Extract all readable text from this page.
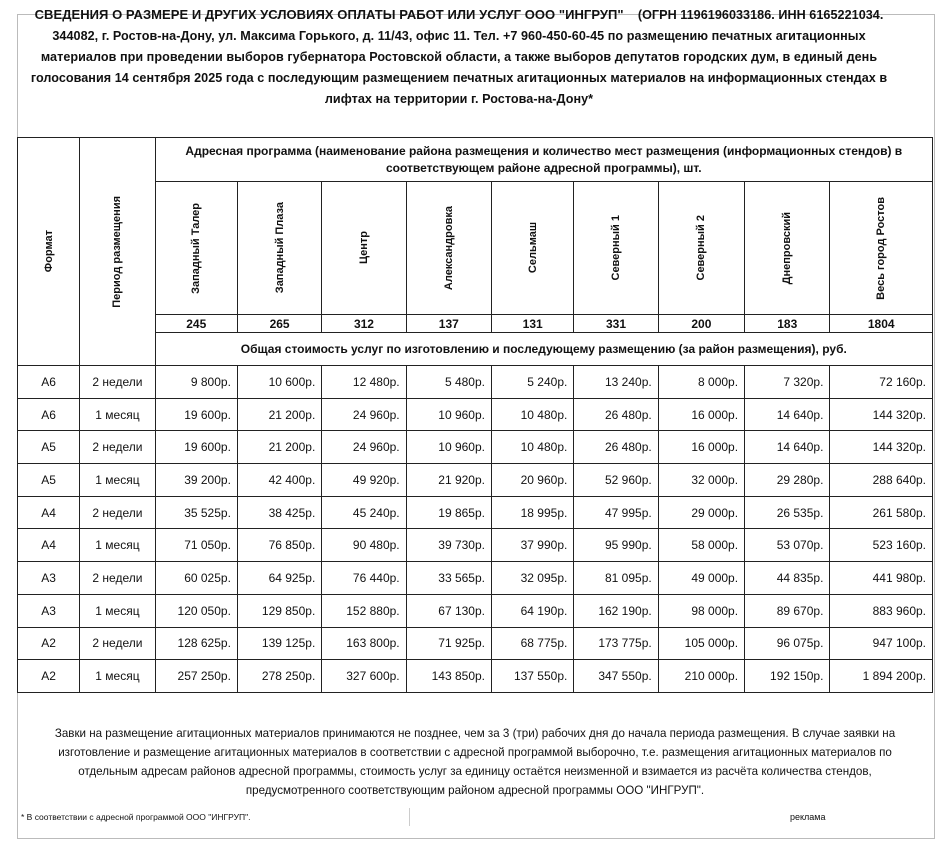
СВЕДЕНИЯ О РАЗМЕРЕ И ДРУГИХ УСЛОВИЯХ ОПЛАТЫ РАБОТ ИЛИ УСЛУГ ООО "ИНГРУП" (ОГРН 1196196033186. ИНН 6165221034.
344082, г. Ростов-на-Дону, ул. Максима Горького, д. 11/43, офис 11. Тел. +7 960-450-60-45 по размещению печатных агитационных
материалов при проведении выборов губернатора Ростовской области, а также выборов депутатов городских дум, в единый день
голосования 14 сентября 2025 года с последующим размещением печатных агитационных материалов на информационных стендах в
лифтах на территории г. Ростова-на-Дону*
Формат	Период размещения	Адресная программа (наименование района размещения и количество мест размещения (информационных стендов) в соответствующем районе адресной программы), шт.								

		Западный Талер	Западный Плаза	Центр	Александровка	Сельмаш	Северный 1	Северный 2	Днепровский	Весь город Ростов

		245	265	312	137	131	331	200	183	1804
		Общая стоимость услуг по изготовлению и последующему размещению (за район размещения), руб.								
А6	2 недели	9 800р.	10 600р.	12 480р.	5 480р.	5 240р.	13 240р.	8 000р.	7 320р.	72 160р.
А6	1 месяц	19 600р.	21 200р.	24 960р.	10 960р.	10 480р.	26 480р.	16 000р.	14 640р.	144 320р.
А5	2 недели	19 600р.	21 200р.	24 960р.	10 960р.	10 480р.	26 480р.	16 000р.	14 640р.	144 320р.
А5	1 месяц	39 200р.	42 400р.	49 920р.	21 920р.	20 960р.	52 960р.	32 000р.	29 280р.	288 640р.
А4	2 недели	35 525р.	38 425р.	45 240р.	19 865р.	18 995р.	47 995р.	29 000р.	26 535р.	261 580р.
А4	1 месяц	71 050р.	76 850р.	90 480р.	39 730р.	37 990р.	95 990р.	58 000р.	53 070р.	523 160р.
А3	2 недели	60 025р.	64 925р.	76 440р.	33 565р.	32 095р.	81 095р.	49 000р.	44 835р.	441 980р.
А3	1 месяц	120 050р.	129 850р.	152 880р.	67 130р.	64 190р.	162 190р.	98 000р.	89 670р.	883 960р.
А2	2 недели	128 625р.	139 125р.	163 800р.	71 925р.	68 775р.	173 775р.	105 000р.	96 075р.	947 100р.
А2	1 месяц	257 250р.	278 250р.	327 600р.	143 850р.	137 550р.	347 550р.	210 000р.	192 150р.	1 894 200р.
Завки на размещение агитационных материалов принимаются не позднее, чем за 3 (три) рабочих дня до начала периода размещения. В случае заявки на
изготовление и размещение агитационных материалов в соответствии с адресной программой выборочно, т.е. размещения агитационных материалов по
отдельным адресам районов адресной программы, стоимость услуг за единицу остаётся неизменной и взимается из расчёта количества стендов,
предусмотренного соответствующим районом адресной программы ООО "ИНГРУП".
* В соответствии с адресной программой ООО "ИНГРУП".	реклама
